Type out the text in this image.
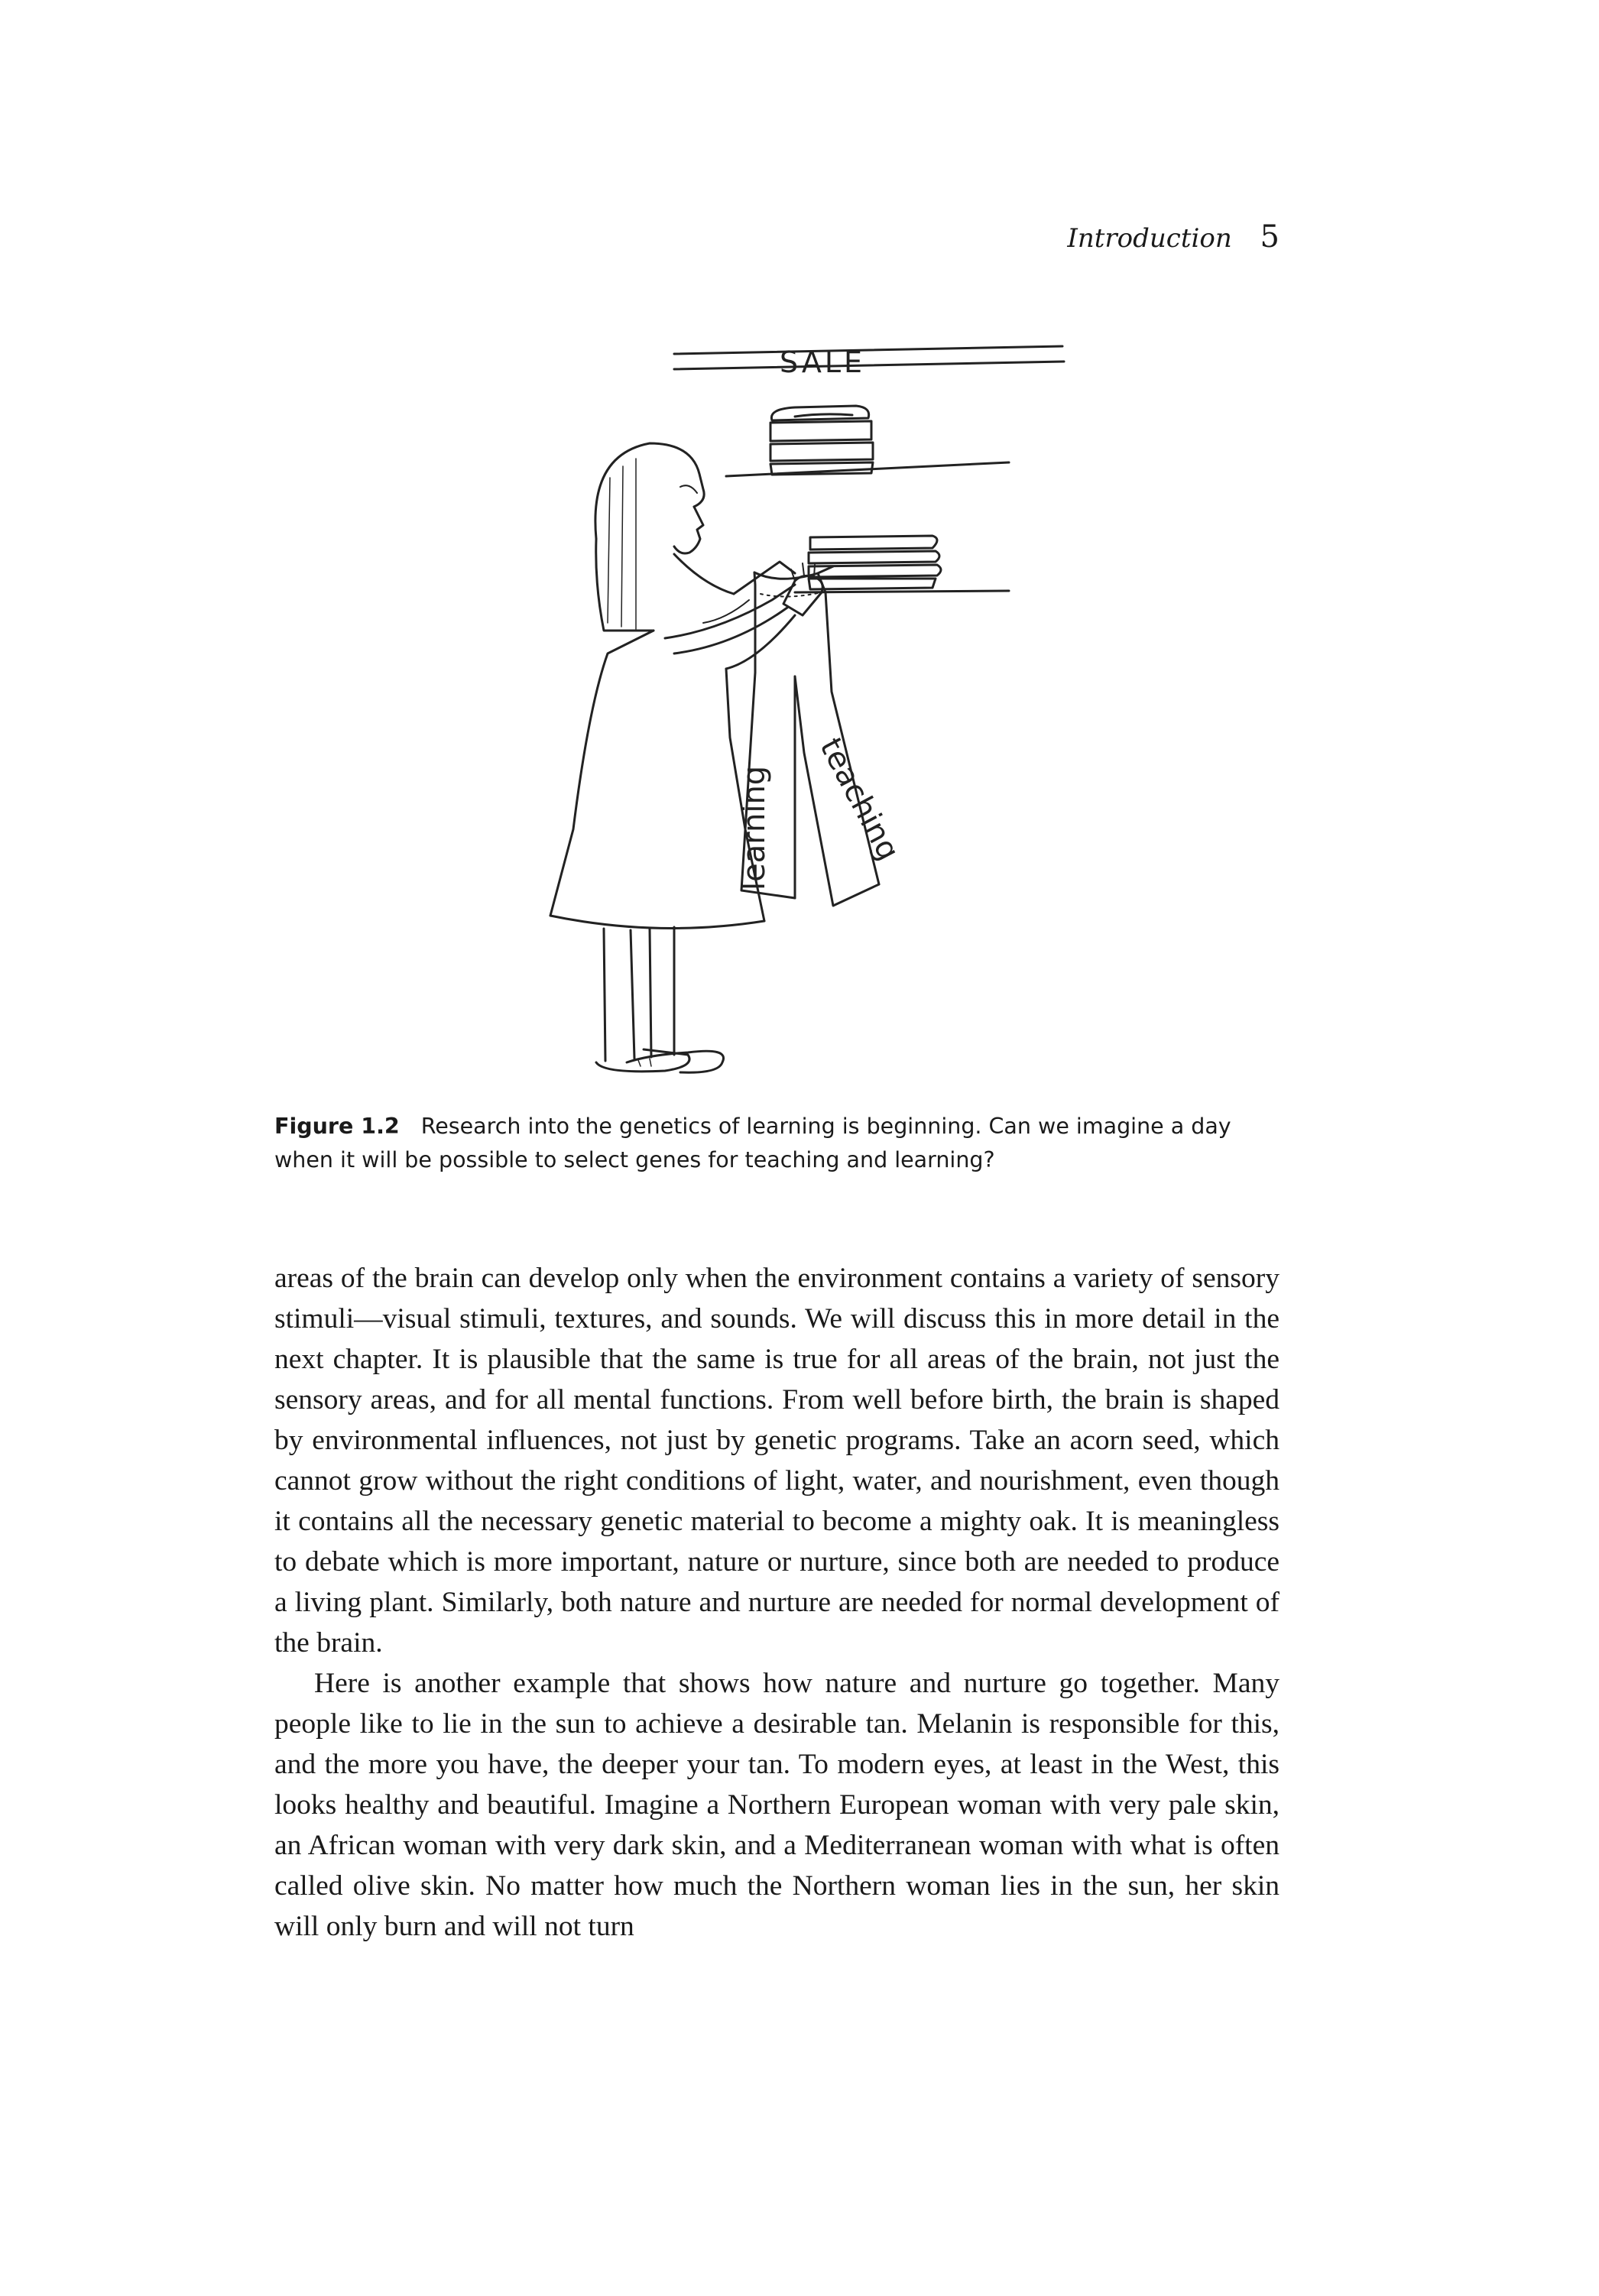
Introduction 5
SALE
learning teaching

Figure 1.2 Research into the genetics of learning is beginning. Can we imagine a day when it will be possible to select genes for teaching and learning?

areas of the brain can develop only when the environment contains a variety of sensory stimuli—visual stimuli, textures, and sounds. We will discuss this in more detail in the next chapter. It is plausible that the same is true for all areas of the brain, not just the sensory areas, and for all mental functions. From well before birth, the brain is shaped by environmental influences, not just by genetic programs. Take an acorn seed, which cannot grow without the right conditions of light, water, and nourishment, even though it contains all the necessary genetic material to become a mighty oak. It is meaningless to debate which is more important, nature or nurture, since both are needed to produce a living plant. Similarly, both nature and nurture are needed for normal development of the brain.

Here is another example that shows how nature and nurture go together. Many people like to lie in the sun to achieve a desirable tan. Melanin is responsible for this, and the more you have, the deeper your tan. To modern eyes, at least in the West, this looks healthy and beautiful. Imagine a Northern European woman with very pale skin, an African woman with very dark skin, and a Mediterranean woman with what is often called olive skin. No matter how much the Northern woman lies in the sun, her skin will only burn and will not turn
